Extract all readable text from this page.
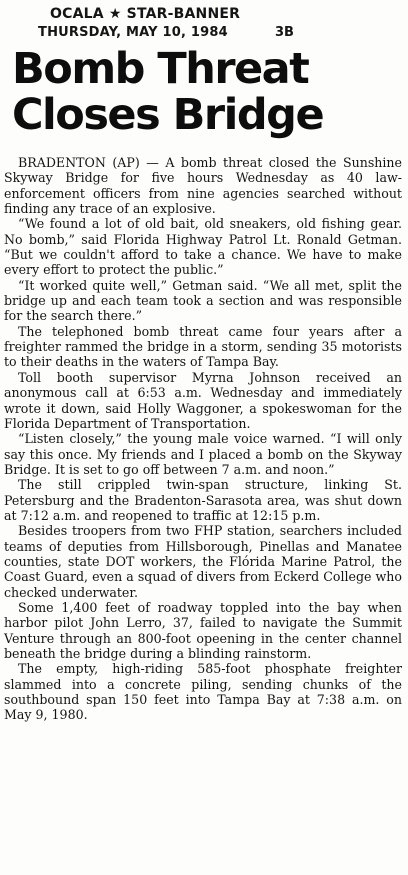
OCALA ★ STAR-BANNER
THURSDAY, MAY 10, 1984	3B
Bomb Threat
Closes Bridge

BRADENTON (AP) — A bomb threat closed the Sunshine Skyway Bridge for five hours Wednesday as 40 law-enforcement officers from nine agencies searched without finding any trace of an explosive.

“We found a lot of old bait, old sneakers, old fishing gear. No bomb,” said Florida Highway Patrol Lt. Ronald Getman. “But we couldn't afford to take a chance. We have to make every effort to protect the public.”

“It worked quite well,” Getman said. “We all met, split the bridge up and each team took a section and was responsible for the search there.”

The telephoned bomb threat came four years after a freighter rammed the bridge in a storm, sending 35 motorists to their deaths in the waters of Tampa Bay.

Toll booth supervisor Myrna Johnson received an anonymous call at 6:53 a.m. Wednesday and immediately wrote it down, said Holly Waggoner, a spokeswoman for the Florida Department of Transportation.

“Listen closely,” the young male voice warned. “I will only say this once. My friends and I placed a bomb on the Skyway Bridge. It is set to go off between 7 a.m. and noon.”

The still crippled twin-span structure, linking St. Petersburg and the Bradenton-Sarasota area, was shut down at 7:12 a.m. and reopened to traffic at 12:15 p.m.

Besides troopers from two FHP station, searchers included teams of deputies from Hillsborough, Pinellas and Manatee counties, state DOT workers, the Flórida Marine Patrol, the Coast Guard, even a squad of divers from Eckerd College who checked underwater.

Some 1,400 feet of roadway toppled into the bay when harbor pilot John Lerro, 37, failed to navigate the Summit Venture through an 800-foot opeening in the center channel beneath the bridge during a blinding rainstorm.

The empty, high-riding 585-foot phosphate freighter slammed into a concrete piling, sending chunks of the southbound span 150 feet into Tampa Bay at 7:38 a.m. on May 9, 1980.
